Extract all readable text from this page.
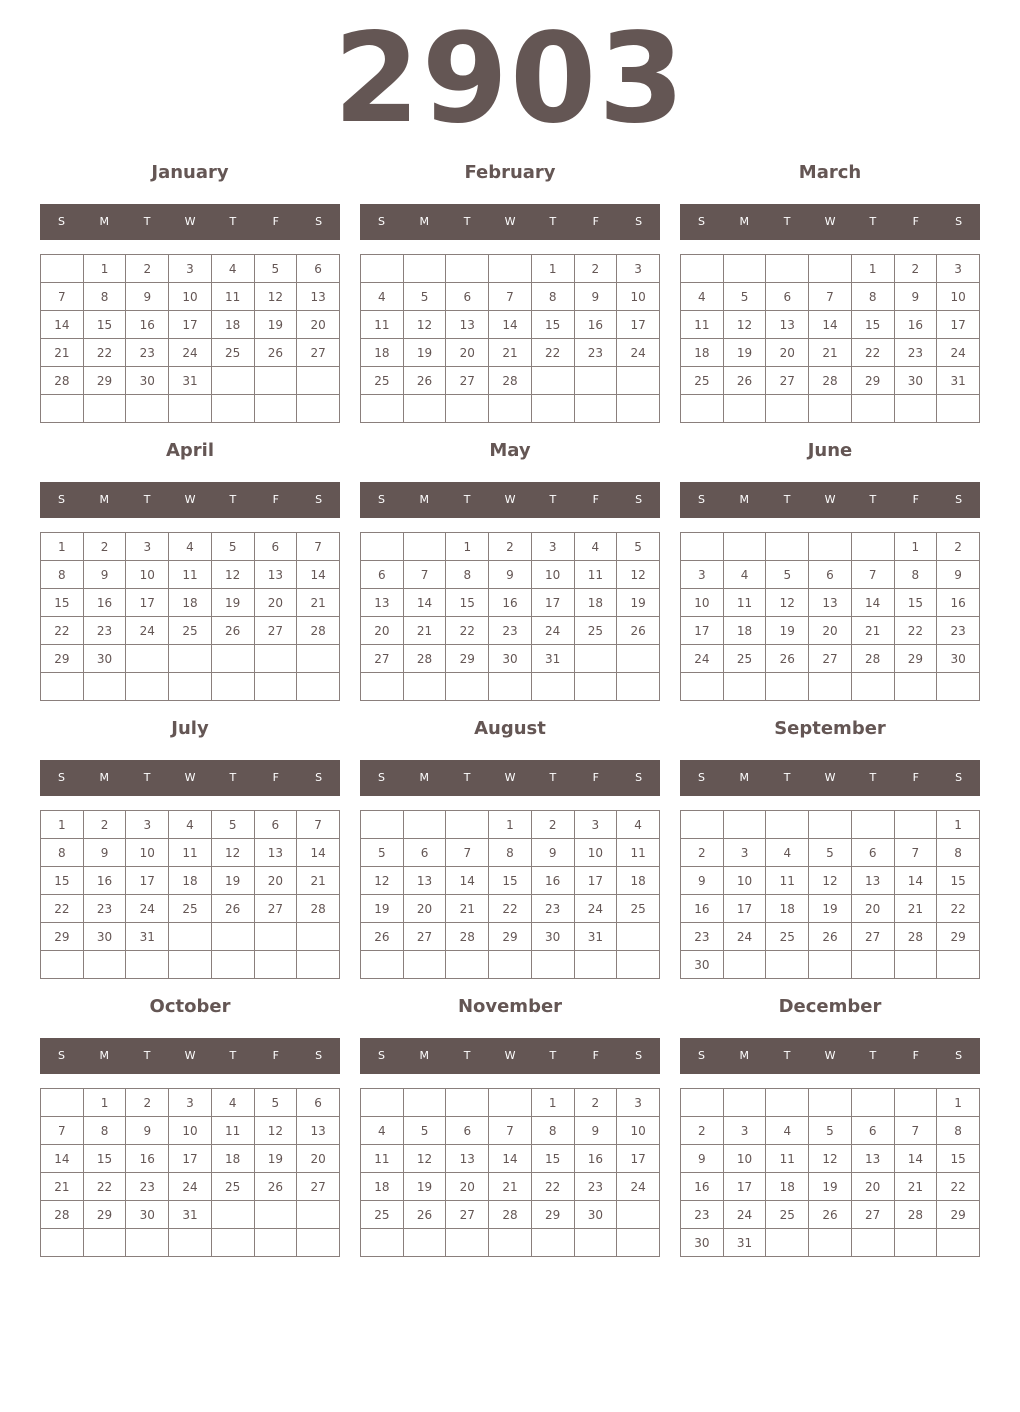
2903
January
S	M	T	W	T	F	S
	1	2	3	4	5	6
7	8	9	10	11	12	13
14	15	16	17	18	19	20
21	22	23	24	25	26	27
28	29	30	31			

February
S	M	T	W	T	F	S
				1	2	3
4	5	6	7	8	9	10
11	12	13	14	15	16	17
18	19	20	21	22	23	24
25	26	27	28			

March
S	M	T	W	T	F	S
				1	2	3
4	5	6	7	8	9	10
11	12	13	14	15	16	17
18	19	20	21	22	23	24
25	26	27	28	29	30	31

April
S	M	T	W	T	F	S
1	2	3	4	5	6	7
8	9	10	11	12	13	14
15	16	17	18	19	20	21
22	23	24	25	26	27	28
29	30					

May
S	M	T	W	T	F	S
		1	2	3	4	5
6	7	8	9	10	11	12
13	14	15	16	17	18	19
20	21	22	23	24	25	26
27	28	29	30	31		

June
S	M	T	W	T	F	S
					1	2
3	4	5	6	7	8	9
10	11	12	13	14	15	16
17	18	19	20	21	22	23
24	25	26	27	28	29	30

July
S	M	T	W	T	F	S
1	2	3	4	5	6	7
8	9	10	11	12	13	14
15	16	17	18	19	20	21
22	23	24	25	26	27	28
29	30	31				

August
S	M	T	W	T	F	S
			1	2	3	4
5	6	7	8	9	10	11
12	13	14	15	16	17	18
19	20	21	22	23	24	25
26	27	28	29	30	31	

September
S	M	T	W	T	F	S
						1
2	3	4	5	6	7	8
9	10	11	12	13	14	15
16	17	18	19	20	21	22
23	24	25	26	27	28	29
30						
October
S	M	T	W	T	F	S
	1	2	3	4	5	6
7	8	9	10	11	12	13
14	15	16	17	18	19	20
21	22	23	24	25	26	27
28	29	30	31			

November
S	M	T	W	T	F	S
				1	2	3
4	5	6	7	8	9	10
11	12	13	14	15	16	17
18	19	20	21	22	23	24
25	26	27	28	29	30	

December
S	M	T	W	T	F	S
						1
2	3	4	5	6	7	8
9	10	11	12	13	14	15
16	17	18	19	20	21	22
23	24	25	26	27	28	29
30	31					
